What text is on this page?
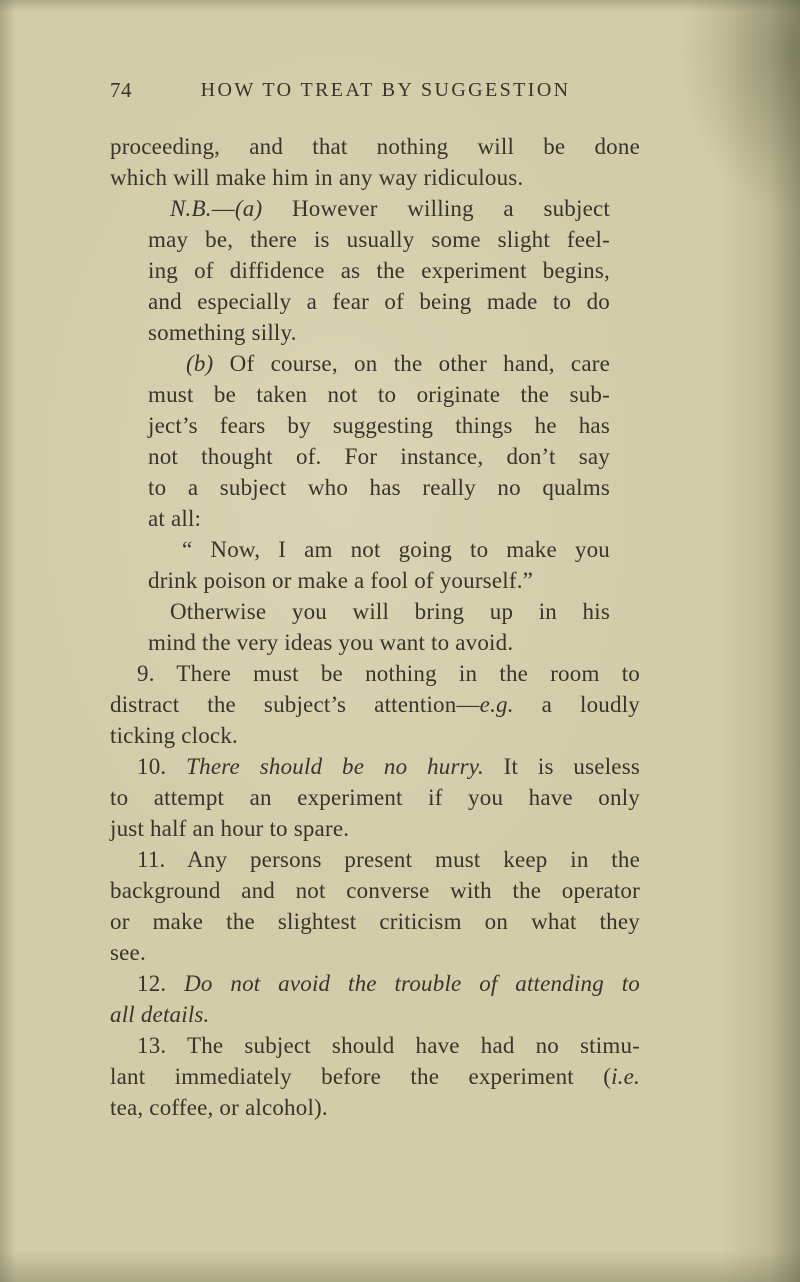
74	HOW TO TREAT BY SUGGESTION
proceeding, and that nothing will be done
which will make him in any way ridiculous.
N.B.—(a) However willing a subject
may be, there is usually some slight feel-
ing of diffidence as the experiment begins,
and especially a fear of being made to do
something silly.
(b) Of course, on the other hand, care
must be taken not to originate the sub-
ject’s fears by suggesting things he has
not thought of. For instance, don’t say
to a subject who has really no qualms
at all:
“ Now, I am not going to make you
drink poison or make a fool of yourself.”
Otherwise you will bring up in his
mind the very ideas you want to avoid.
9. There must be nothing in the room to
distract the subject’s attention—e.g. a loudly
ticking clock.
10. There should be no hurry. It is useless
to attempt an experiment if you have only
just half an hour to spare.
11. Any persons present must keep in the
background and not converse with the operator
or make the slightest criticism on what they
see.
12. Do not avoid the trouble of attending to
all details.
13. The subject should have had no stimu-
lant immediately before the experiment (i.e.
tea, coffee, or alcohol).
